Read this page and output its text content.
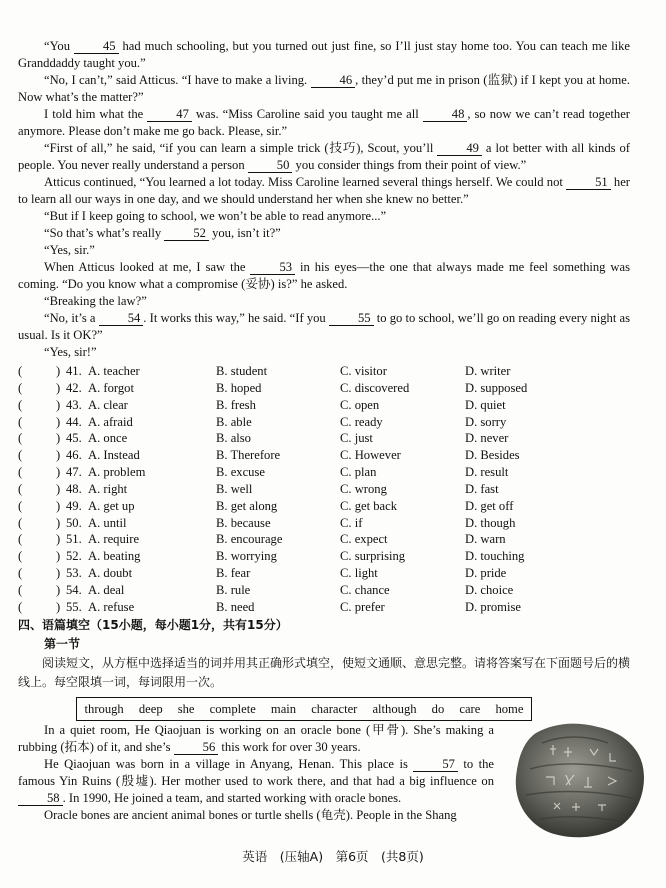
“You 45 had much schooling, but you turned out just fine, so I’ll just stay home too. You can teach me like Granddaddy taught you.”
“No, I can’t,” said Atticus. “I have to make a living. 46 , they’d put me in prison (监狱) if I kept you at home. Now what’s the matter?”
I told him what the 47 was. “Miss Caroline said you taught me all 48 , so now we can’t read together anymore. Please don’t make me go back. Please, sir.”
“First of all,” he said, “if you can learn a simple trick (技巧), Scout, you’ll 49 a lot better with all kinds of people. You never really understand a person 50 you consider things from their point of view.”
Atticus continued, “You learned a lot today. Miss Caroline learned several things herself. We could not 51 her to learn all our ways in one day, and we should understand her when she knew no better.”
“But if I keep going to school, we won’t be able to read anymore...”
“So that’s what’s really 52 you, isn’t it?”
“Yes, sir.”
When Atticus looked at me, I saw the 53 in his eyes—the one that always made me feel something was coming. “Do you know what a compromise (妥协) is?” he asked.
“Breaking the law?”
“No, it’s a 54 . It works this way,” he said. “If you 55 to go to school, we’ll go on reading every night as usual. Is it OK?”
“Yes, sir!”
(	) 41. A. teacher	B. student	C. visitor	D. writer
(	) 42. A. forgot	B. hoped	C. discovered	D. supposed
(	) 43. A. clear	B. fresh	C. open	D. quiet
(	) 44. A. afraid	B. able	C. ready	D. sorry
(	) 45. A. once	B. also	C. just	D. never
(	) 46. A. Instead	B. Therefore	C. However	D. Besides
(	) 47. A. problem	B. excuse	C. plan	D. result
(	) 48. A. right	B. well	C. wrong	D. fast
(	) 49. A. get up	B. get along	C. get back	D. get off
(	) 50. A. until	B. because	C. if	D. though
(	) 51. A. require	B. encourage	C. expect	D. warn
(	) 52. A. beating	B. worrying	C. surprising	D. touching
(	) 53. A. doubt	B. fear	C. light	D. pride
(	) 54. A. deal	B. rule	C. chance	D. choice
(	) 55. A. refuse	B. need	C. prefer	D. promise
四、语篇填空（15小题，每小题1分，共有15分）
第一节
阅读短文，从方框中选择适当的词并用其正确形式填空，使短文通顺、意思完整。请将答案写在下面题号后的横线上。每空限填一词，每词限用一次。
through deep she complete main character although do care home
In a quiet room, He Qiaojuan is working on an oracle bone (甲骨). She’s making a rubbing (拓本) of it, and she’s 56 this work for over 30 years.
He Qiaojuan was born in a village in Anyang, Henan. This place is 57 to the famous Yin Ruins (殷墟). Her mother used to work there, and that had a big influence on 58 . In 1990, He joined a team, and started working with oracle bones.
Oracle bones are ancient animal bones or turtle shells (龟壳). People in the Shang
英语　(压轴A)　第6页　(共8页)
